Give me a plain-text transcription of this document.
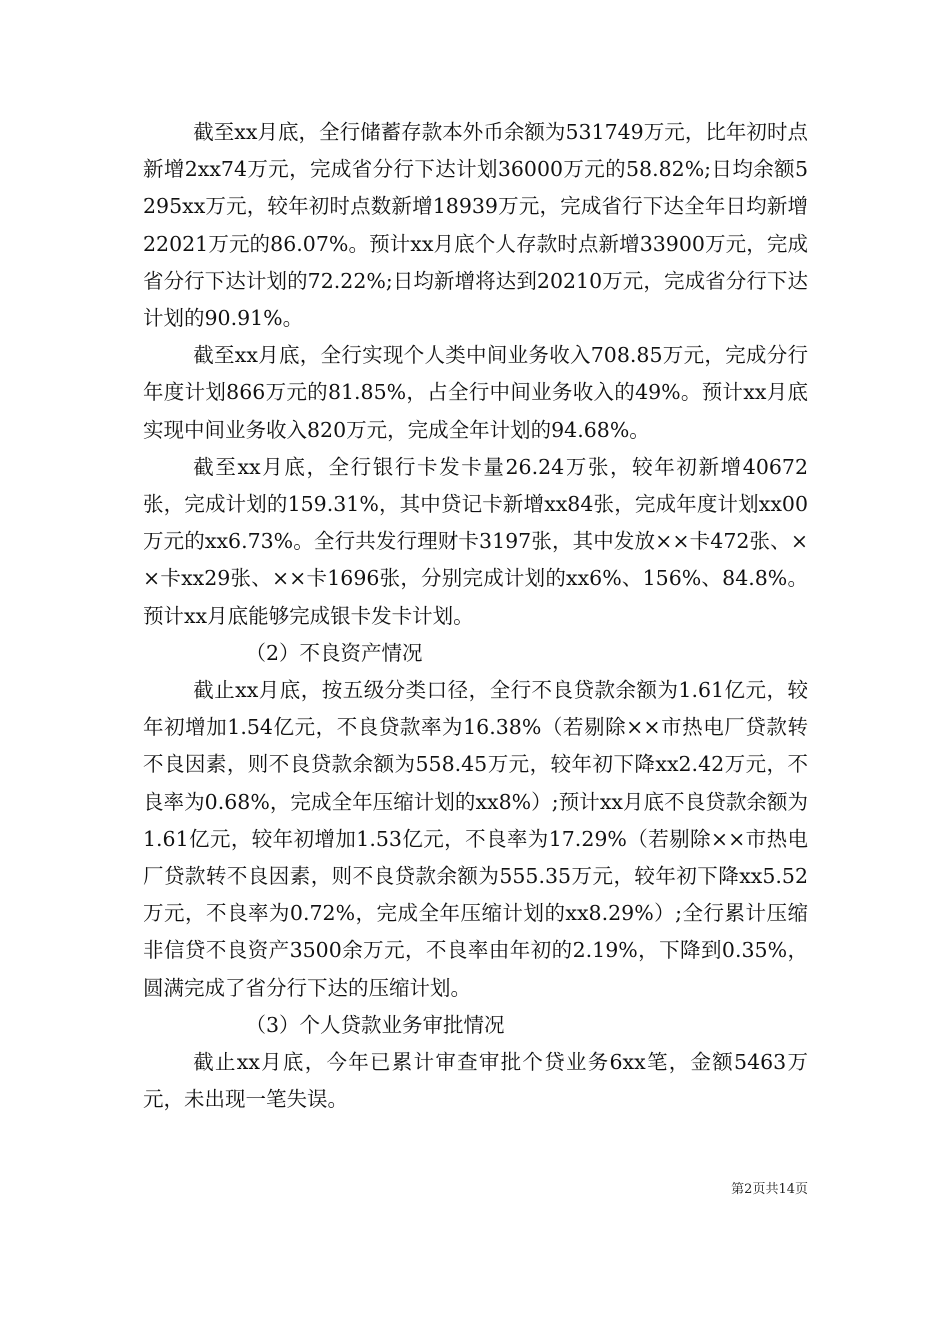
截至xx月底，全行储蓄存款本外币余额为531749万元，比年初时点新增2xx74万元，完成省分行下达计划36000万元的58.82%;日均余额5295xx万元，较年初时点数新增18939万元，完成省行下达全年日均新增22021万元的86.07%。预计xx月底个人存款时点新增33900万元，完成省分行下达计划的72.22%;日均新增将达到20210万元，完成省分行下达计划的90.91%。

截至xx月底，全行实现个人类中间业务收入708.85万元，完成分行年度计划866万元的81.85%，占全行中间业务收入的49%。预计xx月底实现中间业务收入820万元，完成全年计划的94.68%。

截至xx月底，全行银行卡发卡量26.24万张，较年初新增40672张，完成计划的159.31%，其中贷记卡新增xx84张，完成年度计划xx00万元的xx6.73%。全行共发行理财卡3197张，其中发放××卡472张、××卡xx29张、××卡1696张，分别完成计划的xx6%、156%、84.8%。预计xx月底能够完成银卡发卡计划。

（2）不良资产情况

截止xx月底，按五级分类口径，全行不良贷款余额为1.61亿元，较年初增加1.54亿元，不良贷款率为16.38%（若剔除××市热电厂贷款转不良因素，则不良贷款余额为558.45万元，较年初下降xx2.42万元，不良率为0.68%，完成全年压缩计划的xx8%）;预计xx月底不良贷款余额为1.61亿元，较年初增加1.53亿元，不良率为17.29%（若剔除××市热电厂贷款转不良因素，则不良贷款余额为555.35万元，较年初下降xx5.52万元，不良率为0.72%，完成全年压缩计划的xx8.29%）;全行累计压缩非信贷不良资产3500余万元，不良率由年初的2.19%，下降到0.35%，圆满完成了省分行下达的压缩计划。

（3）个人贷款业务审批情况

截止xx月底，今年已累计审查审批个贷业务6xx笔，金额5463万元，未出现一笔失误。

第2页共14页
